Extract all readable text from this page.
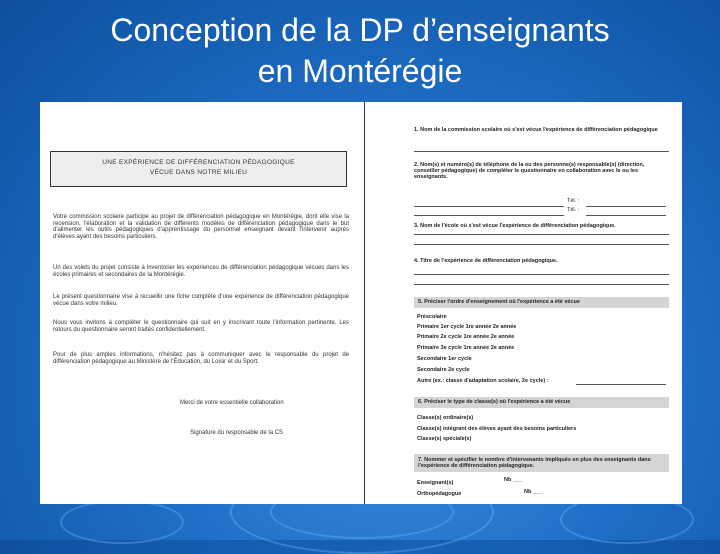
Conception de la DP d’enseignants
en Montérégie
UNE EXPÉRIENCE DE DIFFÉRENCIATION PÉDAGOGIQUE
VÉCUE DANS NOTRE MILIEU
Votre commission scolaire participe au projet de différenciation pédagogique en Montérégie, dont elle vise la recension, l'élaboration et la validation de différents modèles de différenciation pédagogique dans le but d'alimenter les outils pédagogiques d'apprentissage du personnel enseignant devant l'intervenir auprès d'élèves ayant des besoins particuliers.
Un des volets du projet consiste à inventorier les expériences de différenciation pédagogique vécues dans les écoles primaires et secondaires de la Montérégie.
Le présent questionnaire vise à recueillir une fiche complète d'une expérience de différenciation pédagogique vécue dans votre milieu.
Nous vous invitons à compléter le questionnaire qui suit en y inscrivant toute l'information pertinente. Les retours du questionnaire seront traités confidentiellement.
Pour de plus amples informations, n'hésitez pas à communiquer avec le responsable du projet de différenciation pédagogique au Ministère de l'Éducation, du Loisir et du Sport.
Merci de votre essentielle collaboration
Signature du responsable de la CS
1. Nom de la commission scolaire où s'est vécue l'expérience de différenciation pédagogique
2. Nom(s) et numéro(s) de téléphone de la ou des personne(s) responsable(s) (direction, conseiller pédagogique) de compléter le questionnaire en collaboration avec le ou les enseignants.
Tél. :
Tél. :
3. Nom de l'école où s'est vécue l'expérience de différenciation pédagogique.
4. Titre de l'expérience de différenciation pédagogique.
5. Préciser l'ordre d'enseignement où l'expérience a été vécue
Préscolaire
Primaire 1er cycle 1re année 2e année
Primaire 2e cycle 1re année 2e année
Primaire 3e cycle 1re année 2e année
Secondaire 1er cycle
Secondaire 2e cycle
Autre (ex.: classe d'adaptation scolaire, 2e cycle) :
6. Préciser le type de classe(s) où l'expérience a été vécue
Classe(s) ordinaire(s)
Classe(s) intégrant des élèves ayant des besoins particuliers
Classe(s) spéciale(s)
7. Nommer et spécifier le nombre d'intervenants impliqués en plus des enseignants dans l'expérience de différenciation pédagogique.
Enseignant(s)	Nb ___
Orthopédagogue	Nb ___
